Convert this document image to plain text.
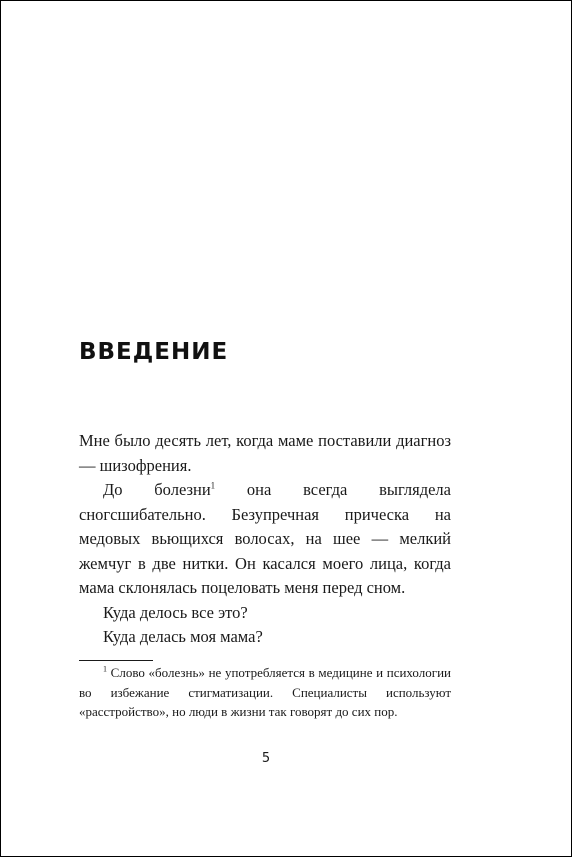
ВВЕДЕНИЕ

Мне было десять лет, когда маме поставили диагноз — шизофрения.

До болезни$^1$ она всегда выглядела сногсшибательно. Безупречная прическа на медовых вьющихся волосах, на шее — мелкий жемчуг в две нитки. Он касался моего лица, когда мама склонялась поцеловать меня перед сном.

Куда делось все это?

Куда делась моя мама?

$^1$ Слово «болезнь» не употребляется в медицине и психологии во избежание стигматизации. Специалисты используют «расстройство», но люди в жизни так говорят до сих пор.

5
